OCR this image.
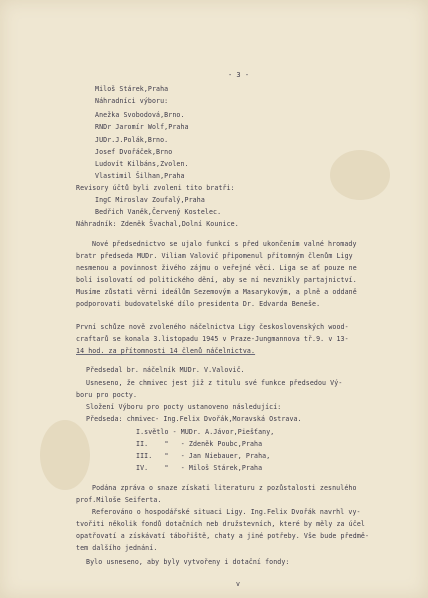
- 3 -
Miloš Stárek,Praha
Náhradníci výboru:
Anežka Svobodová,Brno.
RNDr Jaromír Wolf,Praha
JUDr.J.Polák,Brno.
Josef Dvořáček,Brno
Ludovít Kilbáns,Zvolen.
Vlastimil Šilhan,Praha
Revisory účtů byli zvoleni tito bratři:
IngC Miroslav Zoufalý,Praha
Bedřich Vaněk,Červený Kostelec.
Náhradník: Zdeněk Švachal,Dolní Kounice.
Nové předsednictvo se ujalo funkcí s před ukončením valné hromady
bratr předseda MUDr. Viliam Valovič připomenul přítomným členům Ligy
nesmenou a povinnost živého zájmu o veřejné věci. Liga se ať pouze ne
bolí isolovatí od politického dění, aby se ní nevznikly partajnictví.
Musíme zůstati věrni ideálům Sezemovým a Masarykovým, a plně a oddaně
podporovati budovatelské dílo presidenta Dr. Edvarda Beneše.
První schůze nově zvoleného náčelnictva Ligy československých wood-
craftarů se konala 3.listopadu 1945 v Praze-Jungmannova tř.9. v 13-
14 hod. za přítomnosti 14 členů náčelnictva.
Předsedal br. náčelník MUDr. V.Valovič.
Usneseno, že chmivec jest již z titulu své funkce předsedou Vý-
boru pro pocty.
Složení Výboru pro pocty ustanoveno následující:
Předseda: chmivec- Ing.Felix Dvořák,Moravská Ostrava.
I.světlo - MUDr. A.Jávor,Piešťany,
II.    "   - Zdeněk Poubc,Praha
III.   "   - Jan Niebauer, Praha,
IV.    "   - Miloš Stárek,Praha
Podána zpráva o snaze získati literaturu z pozůstalosti zesnulého
prof.Miloše Seiferta.
Referováno o hospodářské situaci Ligy. Ing.Felix Dvořák navrhl vy-
tvořiti několik fondů dotačních neb družstevních, které by měly za účel
opatřovatí a získávatí tábořiště, chaty a jiné potřeby. Vše bude předmě-
tem dalšího jednání.
Bylo usneseno, aby byly vytvořeny i dotační fondy:
v
